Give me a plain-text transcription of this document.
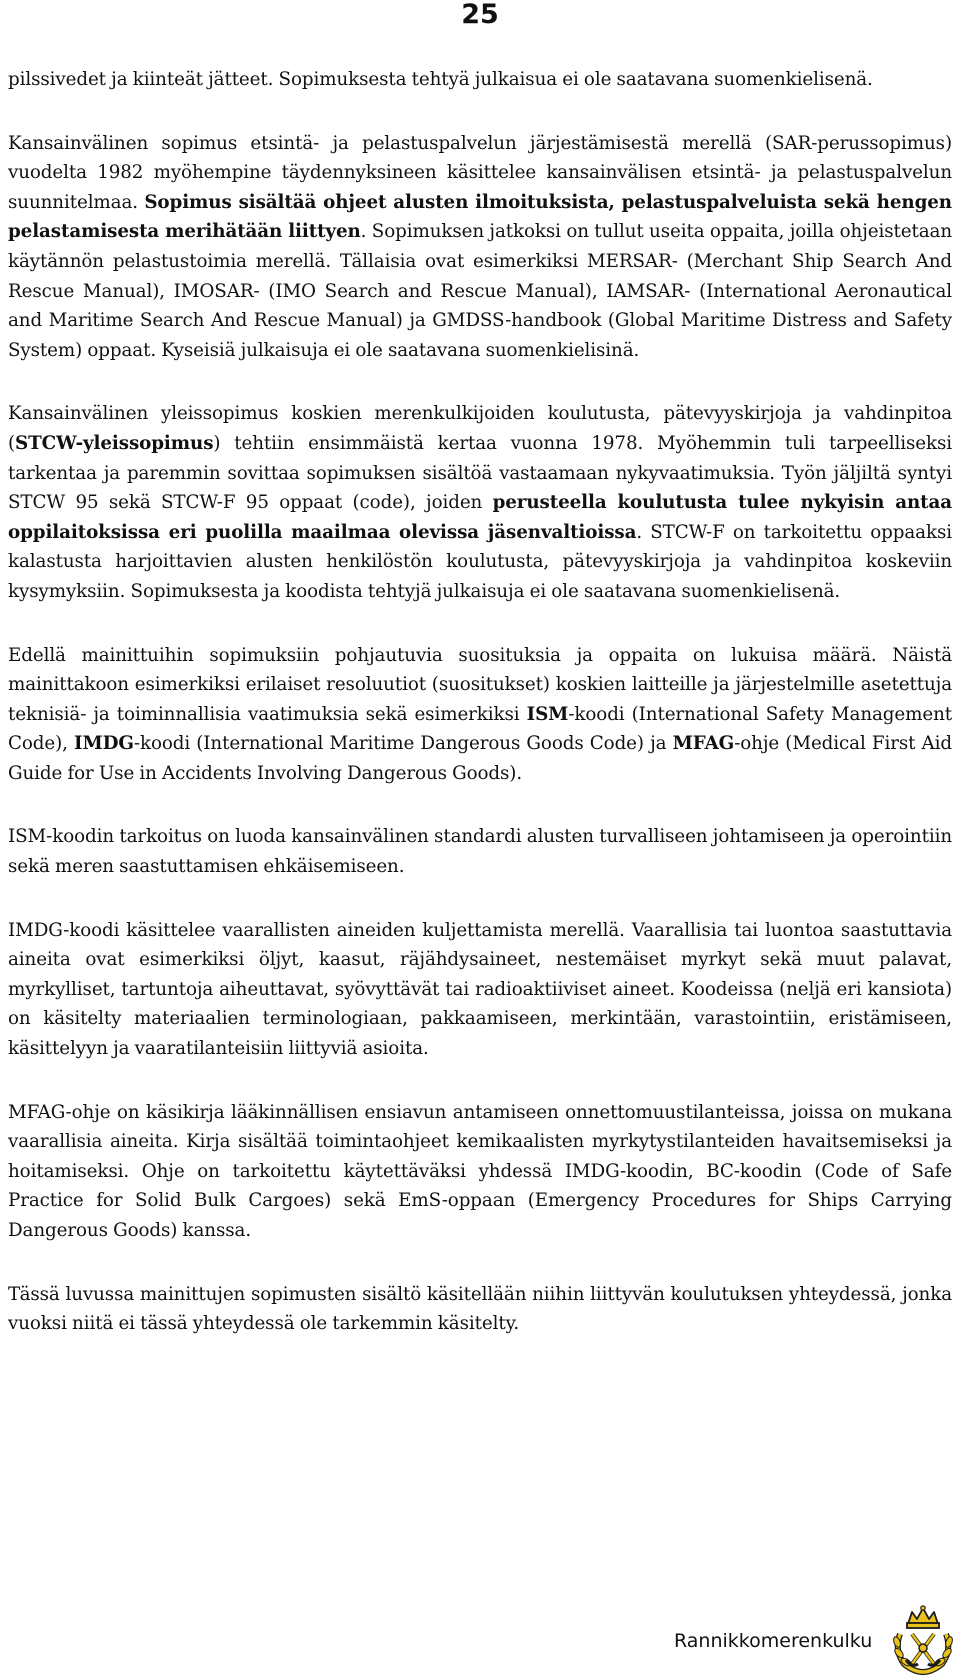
25

pilssivedet ja kiinteät jätteet. Sopimuksesta tehtyä julkaisua ei ole saatavana suomenkielisenä.

Kansainvälinen sopimus etsintä- ja pelastuspalvelun järjestämisestä merellä (SAR-perussopimus) vuodelta 1982 myöhempine täydennyksineen käsittelee kansainvälisen etsintä- ja pelastuspalvelun suunnitelmaa. Sopimus sisältää ohjeet alusten ilmoituksista, pelastuspalveluista sekä hengen pelastamisesta merihätään liittyen. Sopimuksen jatkoksi on tullut useita oppaita, joilla ohjeistetaan käytännön pelastustoimia merellä. Tällaisia ovat esimerkiksi MERSAR- (Merchant Ship Search And Rescue Manual), IMOSAR- (IMO Search and Rescue Manual), IAMSAR- (International Aeronautical and Maritime Search And Rescue Manual) ja GMDSS-handbook (Global Maritime Distress and Safety System) oppaat. Kyseisiä julkaisuja ei ole saatavana suomenkielisinä.

Kansainvälinen yleissopimus koskien merenkulkijoiden koulutusta, pätevyyskirjoja ja vahdinpitoa (STCW-yleissopimus) tehtiin ensimmäistä kertaa vuonna 1978. Myöhemmin tuli tarpeelliseksi tarkentaa ja paremmin sovittaa sopimuksen sisältöä vastaamaan nykyvaatimuksia. Työn jäljiltä syntyi STCW 95 sekä STCW-F 95 oppaat (code), joiden perusteella koulutusta tulee nykyisin antaa oppilaitoksissa eri puolilla maailmaa olevissa jäsenvaltioissa. STCW-F on tarkoitettu oppaaksi kalastusta harjoittavien alusten henkilöstön koulutusta, pätevyyskirjoja ja vahdinpitoa koskeviin kysymyksiin. Sopimuksesta ja koodista tehtyjä julkaisuja ei ole saatavana suomenkielisenä.

Edellä mainittuihin sopimuksiin pohjautuvia suosituksia ja oppaita on lukuisa määrä. Näistä mainittakoon esimerkiksi erilaiset resoluutiot (suositukset) koskien laitteille ja järjestelmille asetettuja teknisiä- ja toiminnallisia vaatimuksia sekä esimerkiksi ISM-koodi (International Safety Management Code), IMDG-koodi (International Maritime Dangerous Goods Code) ja MFAG-ohje (Medical First Aid Guide for Use in Accidents Involving Dangerous Goods).

ISM-koodin tarkoitus on luoda kansainvälinen standardi alusten turvalliseen johtamiseen ja operointiin sekä meren saastuttamisen ehkäisemiseen.

IMDG-koodi käsittelee vaarallisten aineiden kuljettamista merellä. Vaarallisia tai luontoa saastuttavia aineita ovat esimerkiksi öljyt, kaasut, räjähdysaineet, nestemäiset myrkyt sekä muut palavat, myrkylliset, tartuntoja aiheuttavat, syövyttävät tai radioaktiiviset aineet. Koodeissa (neljä eri kansiota) on käsitelty materiaalien terminologiaan, pakkaamiseen, merkintään, varastointiin, eristämiseen, käsittelyyn ja vaaratilanteisiin liittyviä asioita.

MFAG-ohje on käsikirja lääkinnällisen ensiavun antamiseen onnettomuustilanteissa, joissa on mukana vaarallisia aineita. Kirja sisältää toimintaohjeet kemikaalisten myrkytystilanteiden havaitsemiseksi ja hoitamiseksi. Ohje on tarkoitettu käytettäväksi yhdessä IMDG-koodin, BC-koodin (Code of Safe Practice for Solid Bulk Cargoes) sekä EmS-oppaan (Emergency Procedures for Ships Carrying Dangerous Goods) kanssa.

Tässä luvussa mainittujen sopimusten sisältö käsitellään niihin liittyvän koulutuksen yhteydessä, jonka vuoksi niitä ei tässä yhteydessä ole tarkemmin käsitelty.

Rannikkomerenkulku
